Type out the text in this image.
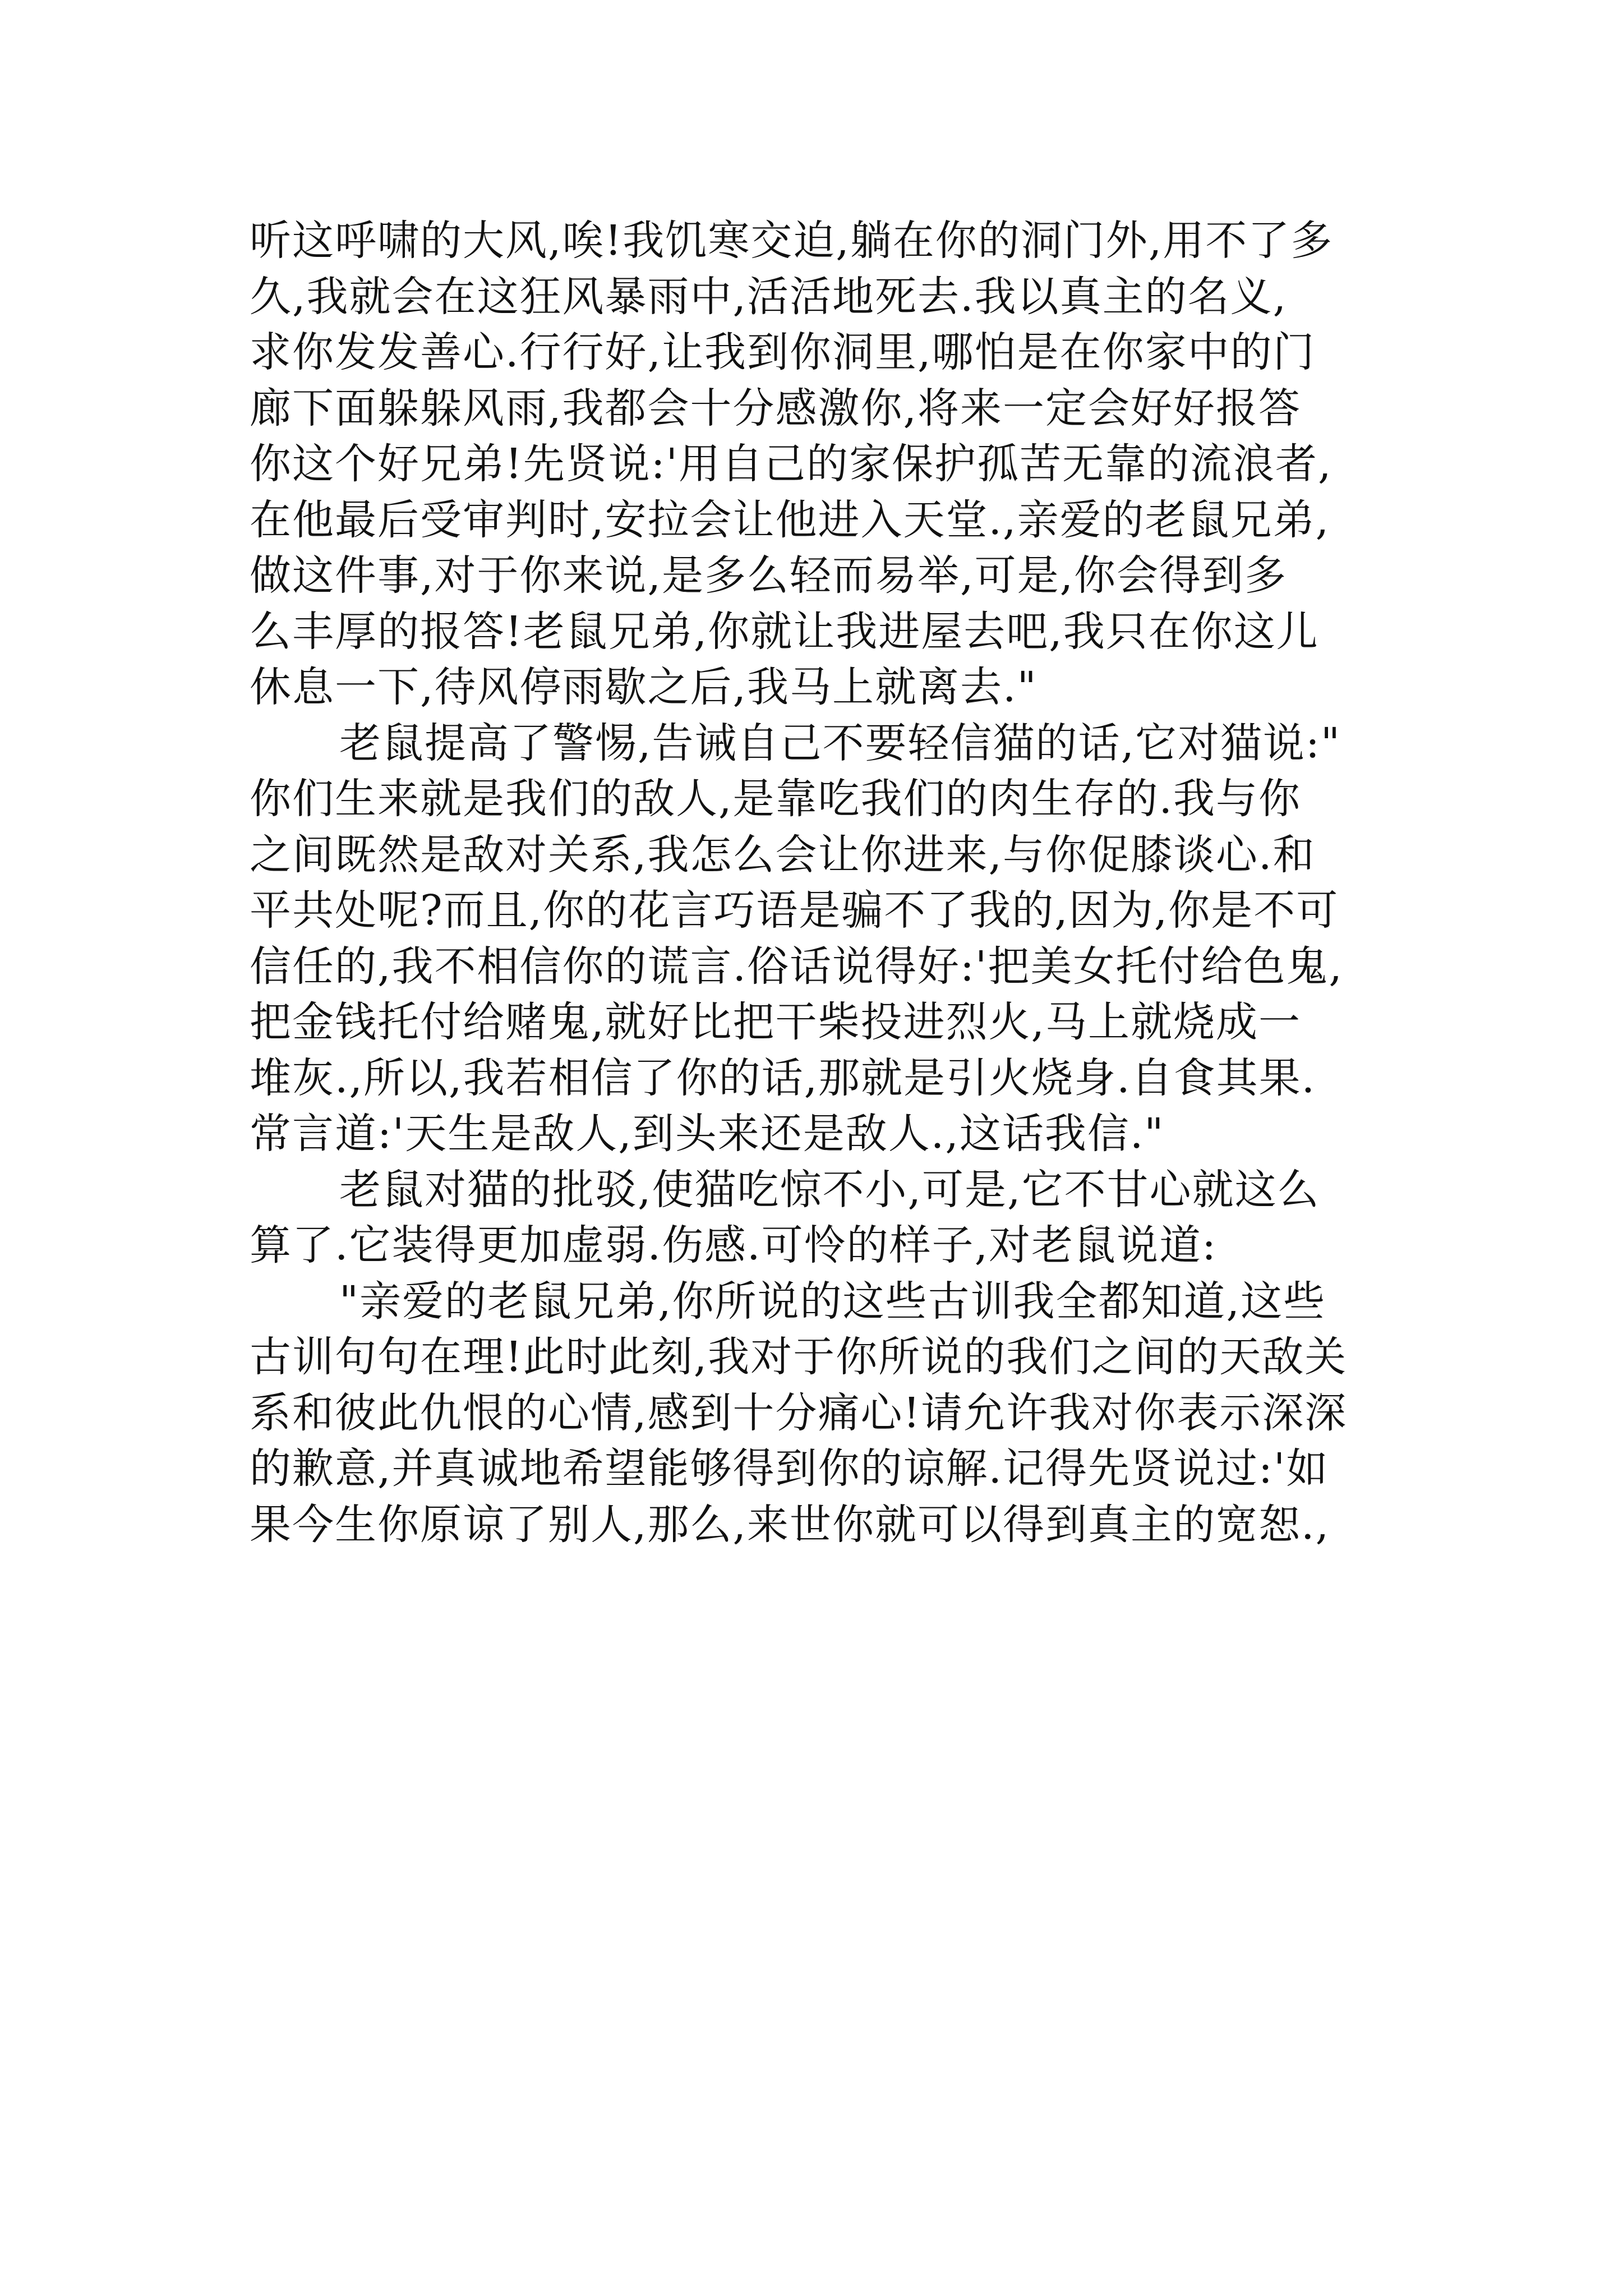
听这呼啸的大风,唉!我饥寒交迫,躺在你的洞门外,用不了多
久,我就会在这狂风暴雨中,活活地死去.我以真主的名义,
求你发发善心.行行好,让我到你洞里,哪怕是在你家中的门
廊下面躲躲风雨,我都会十分感激你,将来一定会好好报答
你这个好兄弟!先贤说:'用自己的家保护孤苦无靠的流浪者,
在他最后受审判时,安拉会让他进入天堂.,亲爱的老鼠兄弟,
做这件事,对于你来说,是多么轻而易举,可是,你会得到多
么丰厚的报答!老鼠兄弟,你就让我进屋去吧,我只在你这儿
休息一下,待风停雨歇之后,我马上就离去."
老鼠提高了警惕,告诫自己不要轻信猫的话,它对猫说:"
你们生来就是我们的敌人,是靠吃我们的肉生存的.我与你
之间既然是敌对关系,我怎么会让你进来,与你促膝谈心.和
平共处呢?而且,你的花言巧语是骗不了我的,因为,你是不可
信任的,我不相信你的谎言.俗话说得好:'把美女托付给色鬼,
把金钱托付给赌鬼,就好比把干柴投进烈火,马上就烧成一
堆灰.,所以,我若相信了你的话,那就是引火烧身.自食其果.
常言道:'天生是敌人,到头来还是敌人.,这话我信."
老鼠对猫的批驳,使猫吃惊不小,可是,它不甘心就这么
算了.它装得更加虚弱.伤感.可怜的样子,对老鼠说道:
"亲爱的老鼠兄弟,你所说的这些古训我全都知道,这些
古训句句在理!此时此刻,我对于你所说的我们之间的天敌关
系和彼此仇恨的心情,感到十分痛心!请允许我对你表示深深
的歉意,并真诚地希望能够得到你的谅解.记得先贤说过:'如
果今生你原谅了别人,那么,来世你就可以得到真主的宽恕.,
